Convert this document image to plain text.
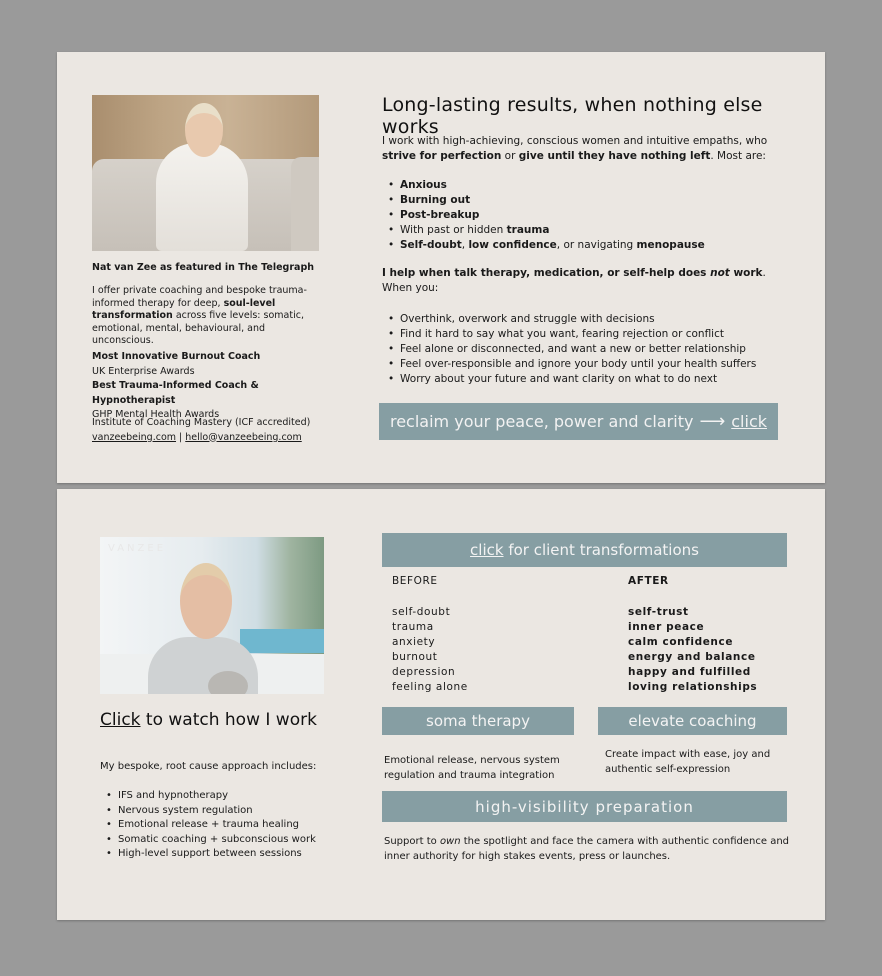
Nat van Zee as featured in The Telegraph
I offer private coaching and bespoke trauma-informed therapy for deep, soul-level transformation across five levels: somatic, emotional, mental, behavioural, and unconscious.
Most Innovative Burnout Coach
UK Enterprise Awards
Best Trauma-Informed Coach & Hypnotherapist
GHP Mental Health Awards
Institute of Coaching Mastery (ICF accredited)
vanzeebeing.com | hello@vanzeebeing.com
Long-lasting results, when nothing else works
I work with high-achieving, conscious women and intuitive empaths, who strive for perfection or give until they have nothing left. Most are:
• Anxious
• Burning out
• Post-breakup
• With past or hidden trauma
• Self-doubt, low confidence, or navigating menopause
I help when talk therapy, medication, or self-help does not work.
When you:
• Overthink, overwork and struggle with decisions
• Find it hard to say what you want, fearing rejection or conflict
• Feel alone or disconnected, and want a new or better relationship
• Feel over-responsible and ignore your body until your health suffers
• Worry about your future and want clarity on what to do next
reclaim your peace, power and clarity ⟶ click
VANZEE
Click to watch how I work
My bespoke, root cause approach includes:
• IFS and hypnotherapy
• Nervous system regulation
• Emotional release + trauma healing
• Somatic coaching + subconscious work
• High-level support between sessions
click
for client transformations
BEFORE
self-doubt
trauma
anxiety
burnout
depression
feeling alone
AFTER
self-trust
inner peace
calm confidence
energy and balance
happy and fulfilled
loving relationships
soma therapy	elevate coaching
Emotional release, nervous system regulation and trauma integration
Create impact with ease, joy and authentic self-expression
high-visibility preparation
Support to own the spotlight and face the camera with authentic confidence and inner authority for high stakes events, press or launches.
